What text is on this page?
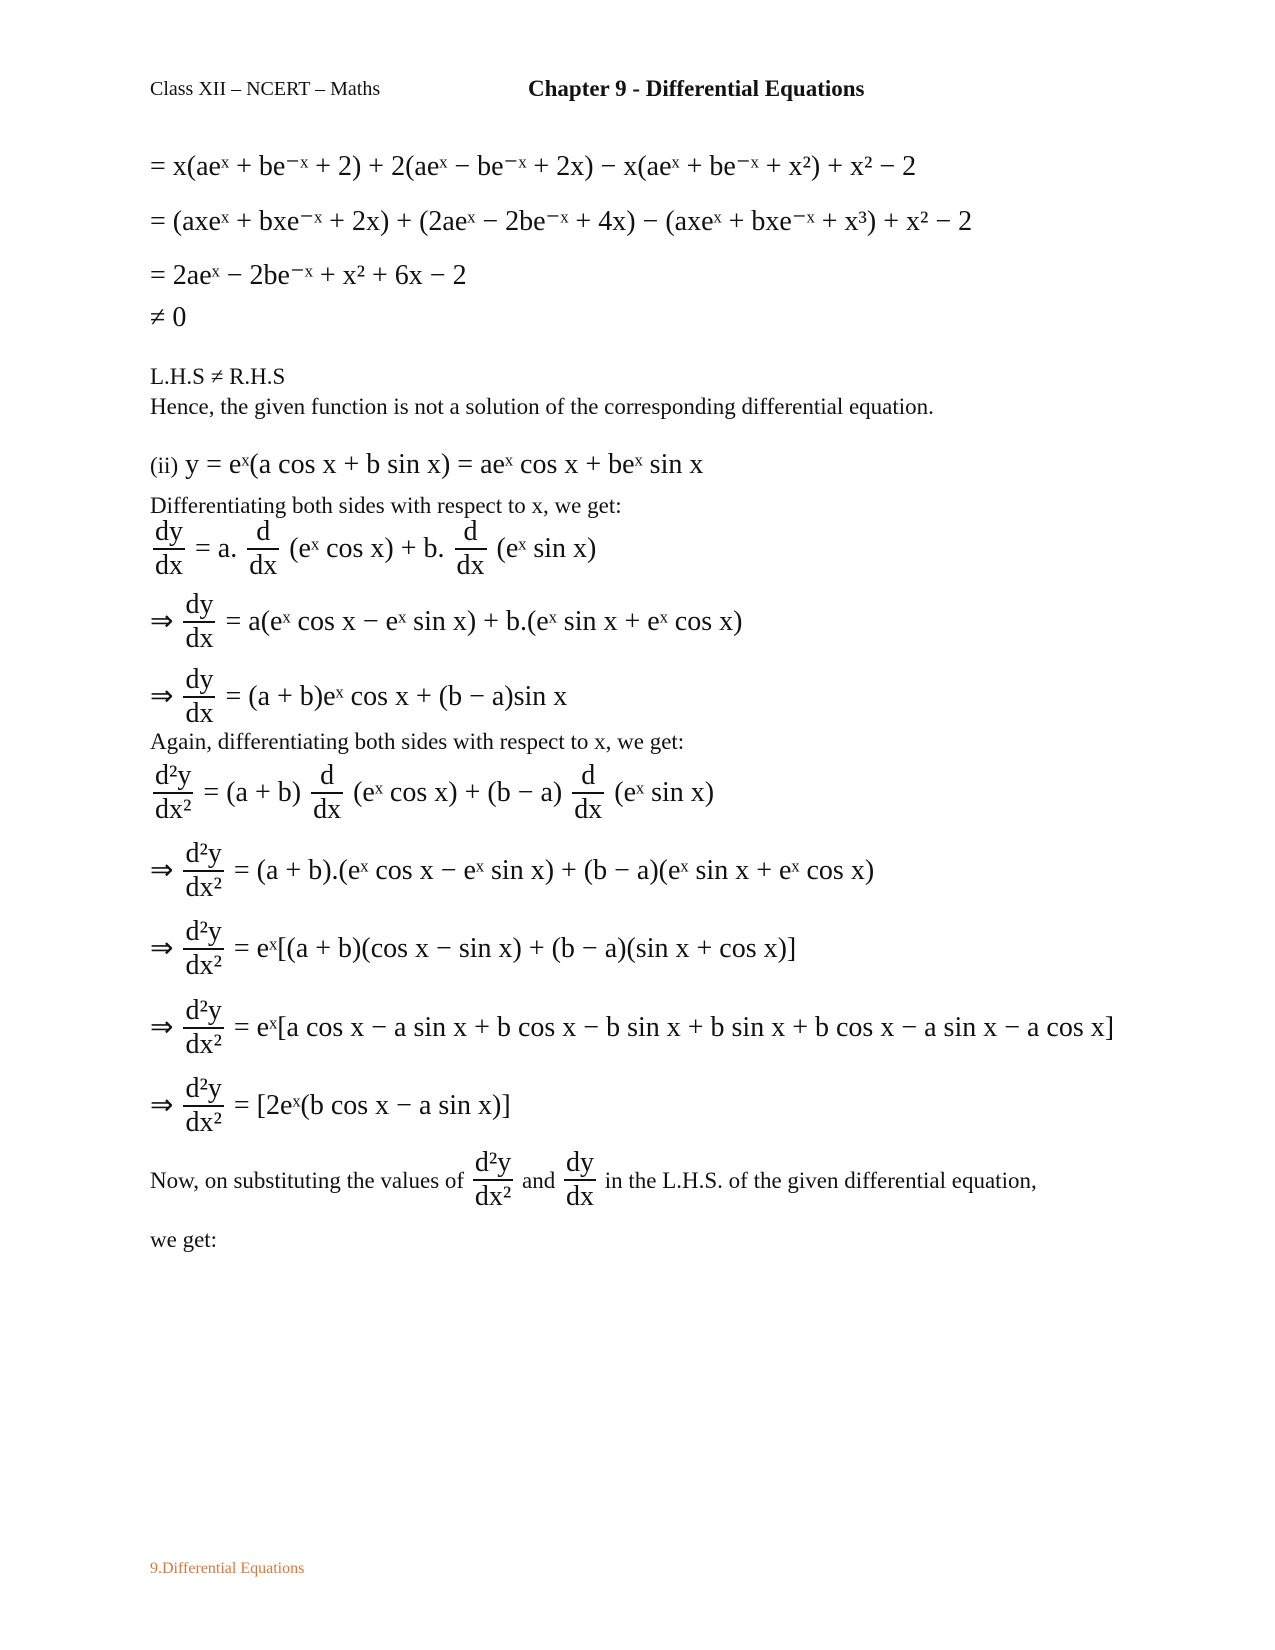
Class XII – NCERT – Maths	Chapter 9 - Differential Equations
= x(aeˣ + be⁻ˣ + 2) + 2(aeˣ − be⁻ˣ + 2x) − x(aeˣ + be⁻ˣ + x²) + x² − 2
= (axeˣ + bxe⁻ˣ + 2x) + (2aeˣ − 2be⁻ˣ + 4x) − (axeˣ + bxe⁻ˣ + x³) + x² − 2
= 2aeˣ − 2be⁻ˣ + x² + 6x − 2
≠ 0
L.H.S ≠ R.H.S
Hence, the given function is not a solution of the corresponding differential equation.
(ii) y = eˣ(a cos x + b sin x) = aeˣ cos x + beˣ sin x
Differentiating both sides with respect to x, we get:
$\frac{dy}{dx} = a$. $\frac{d}{dx}$ (eˣ cos x) + b. $\frac{d}{dx}$ (eˣ sin x)
⇒ $\frac{dy}{dx}$ = a(eˣ cos x − eˣ sin x) + b.(eˣ sin x + eˣ cos x)
⇒ $\frac{dy}{dx} = (a$ + b)eˣ cos x + (b − a)sin x
Again, differentiating both sides with respect to x, we get:
$\frac{\text{d²y}}{\text{dx²}} = (a + b) \frac{d}{dx}$ (eˣ $\cos x) + (b - a) \frac{d}{dx}$ (eˣ sin x)
⇒ $\frac{\text{d²y}}{\text{dx²}} = (a$ + b).(eˣ cos x − eˣ sin x) + (b − a)(eˣ sin x + eˣ cos x)
⇒ $\frac{\text{d²y}}{\text{dx²}}$ = eˣ[(a + b)(cos x − sin x) + (b − a)(sin x + cos x)]
⇒ $\frac{\text{d²y}}{\text{dx²}}$ = eˣ[a cos x − a sin x + b cos x − b sin x + b sin x + b cos x − a sin x − a cos x]
⇒ $\frac{\text{d²y}}{\text{dx²}}$ = [2eˣ(b cos x − a sin x)]
Now, on substituting the values of $\frac{\text{d²y}}{\text{dx²}}$ and $\frac{dy}{dx}$ in the L.H.S. of the given differential equation,
we get:
9.Differential Equations
